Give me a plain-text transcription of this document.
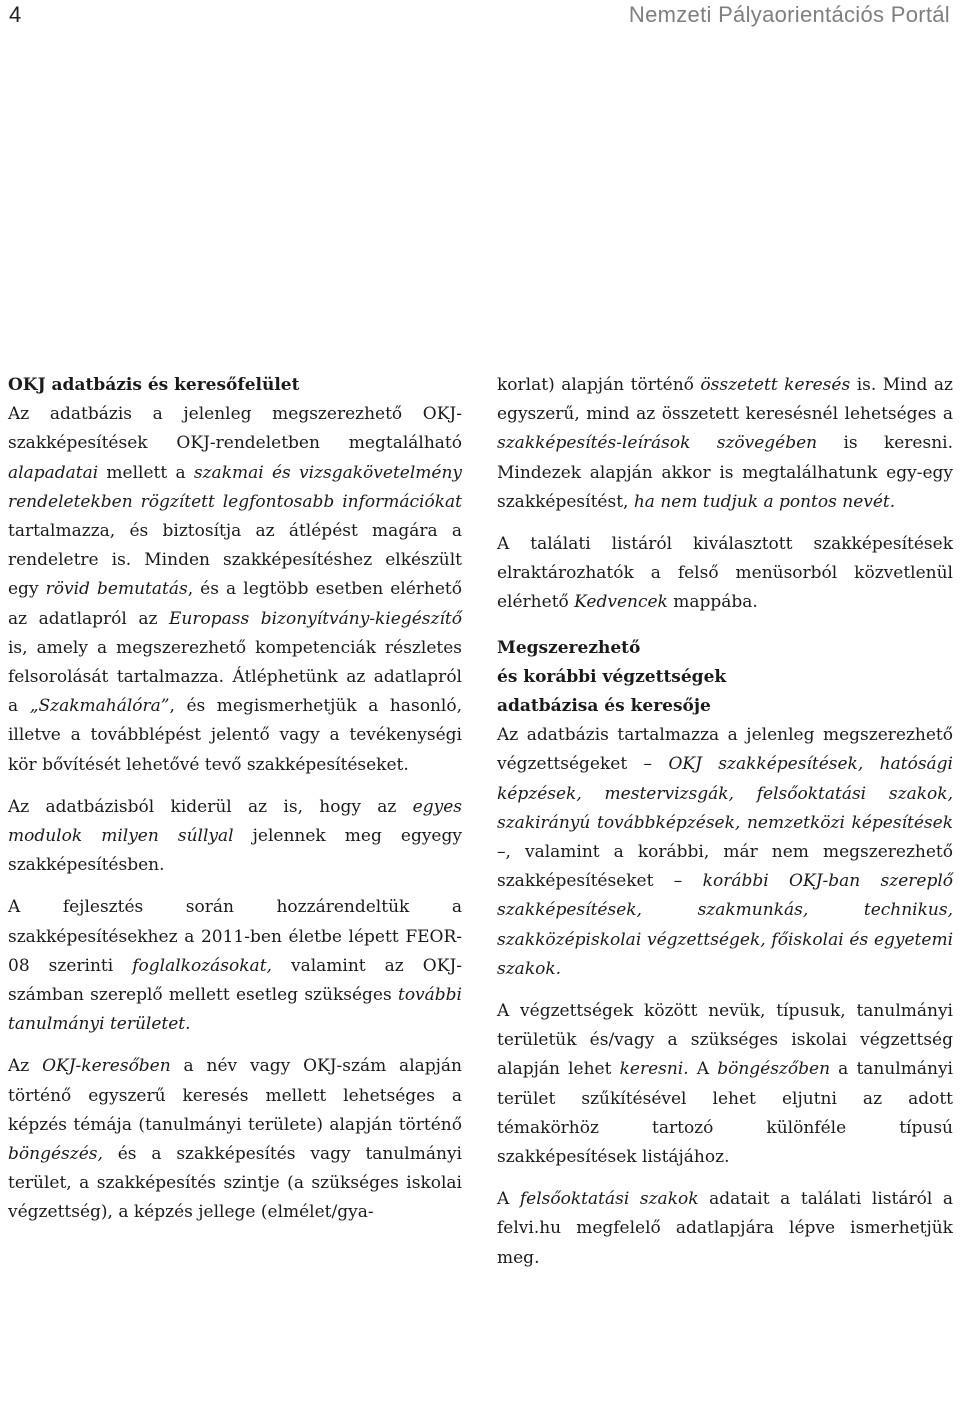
4	Nemzeti Pályaorientációs Portál
OKJ adatbázis és keresőfelület

Az adatbázis a jelenleg megszerezhető OKJ-szakképesítések OKJ-rendeletben megtalálható alapadatai mellett a szakmai és vizsgakövetelmény rendeletekben rögzített legfontosabb információkat tartalmazza, és biztosítja az átlépést magára a rendeletre is. Minden szakképesítéshez elkészült egy rövid bemutatás, és a legtöbb esetben elérhető az adatlapról az Europass bizonyítvány-kiegészítő is, amely a megszerezhető kompetenciák részletes felsorolását tartalmazza. Átléphetünk az adatlapról a „Szakmahálóra”, és megismerhetjük a hasonló, illetve a továbblépést jelentő vagy a tevékenységi kör bővítését lehetővé tevő szakképesítéseket.

Az adatbázisból kiderül az is, hogy az egyes modulok milyen súllyal jelennek meg egyegy szakképesítésben.

A fejlesztés során hozzárendeltük a szakképesítésekhez a 2011-ben életbe lépett FEOR-08 szerinti foglalkozásokat, valamint az OKJ-számban szereplő mellett esetleg szükséges további tanulmányi területet.

Az OKJ-keresőben a név vagy OKJ-szám alapján történő egyszerű keresés mellett lehetséges a képzés témája (tanulmányi területe) alapján történő böngészés, és a szakképesítés vagy tanulmányi terület, a szakképesítés szintje (a szükséges iskolai végzettség), a képzés jellege (elmélet/gya-

korlat) alapján történő összetett keresés is. Mind az egyszerű, mind az összetett keresésnél lehetséges a szakképesítés-leírások szövegében is keresni. Mindezek alapján akkor is megtalálhatunk egy-egy szakképesítést, ha nem tudjuk a pontos nevét.

A találati listáról kiválasztott szakképesítések elraktározhatók a felső menüsorból közvetlenül elérhető Kedvencek mappába.

Megszerezhető
és korábbi végzettségek
adatbázisa és keresője

Az adatbázis tartalmazza a jelenleg megszerezhető végzettségeket – OKJ szakképesítések, hatósági képzések, mestervizsgák, felsőoktatási szakok, szakirányú továbbképzések, nemzetközi képesítések –, valamint a korábbi, már nem megszerezhető szakképesítéseket – korábbi OKJ-ban szereplő szakképesítések, szakmunkás, technikus, szakközépiskolai végzettségek, főiskolai és egyetemi szakok.

A végzettségek között nevük, típusuk, tanulmányi területük és/vagy a szükséges iskolai végzettség alapján lehet keresni. A böngészőben a tanulmányi terület szűkítésével lehet eljutni az adott témakörhöz tartozó különféle típusú szakképesítések listájához.

A felsőoktatási szakok adatait a találati listáról a felvi.hu megfelelő adatlapjára lépve ismerhetjük meg.
